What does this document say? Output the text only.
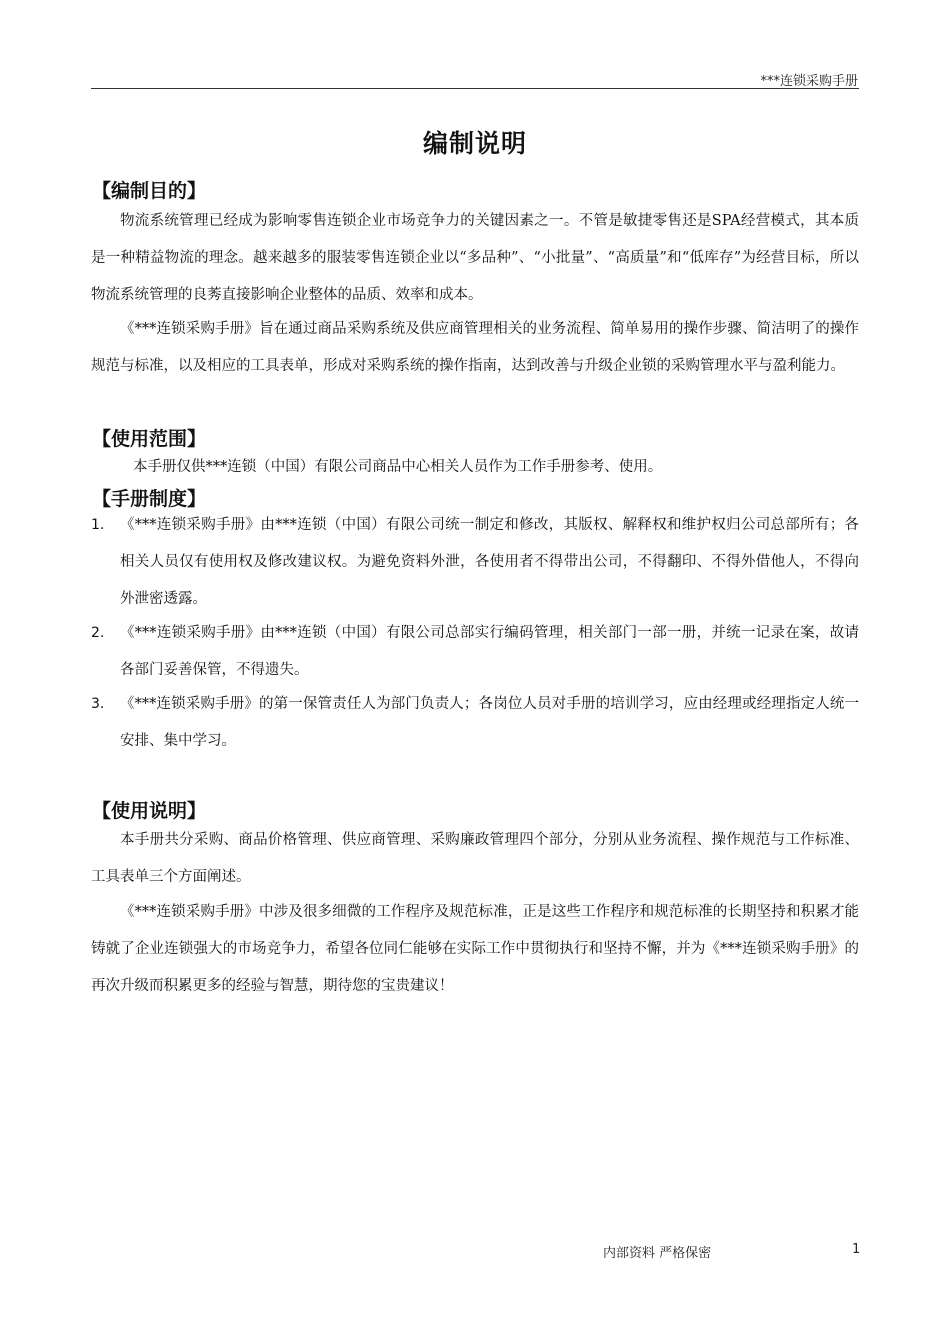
***连锁采购手册
编制说明
【编制目的】

物流系统管理已经成为影响零售连锁企业市场竞争力的关键因素之一。不管是敏捷零售还是SPA经营模式，其本质是一种精益物流的理念。越来越多的服装零售连锁企业以“多品种”、“小批量”、“高质量”和“低库存”为经营目标，所以物流系统管理的良莠直接影响企业整体的品质、效率和成本。

《***连锁采购手册》旨在通过商品采购系统及供应商管理相关的业务流程、简单易用的操作步骤、简洁明了的操作规范与标准，以及相应的工具表单，形成对采购系统的操作指南，达到改善与升级企业锁的采购管理水平与盈利能力。

【使用范围】

本手册仅供***连锁（中国）有限公司商品中心相关人员作为工作手册参考、使用。

【手册制度】
1. 《***连锁采购手册》由***连锁（中国）有限公司统一制定和修改，其版权、解释权和维护权归公司总部所有；各相关人员仅有使用权及修改建议权。为避免资料外泄，各使用者不得带出公司，不得翻印、不得外借他人，不得向外泄密透露。
2. 《***连锁采购手册》由***连锁（中国）有限公司总部实行编码管理，相关部门一部一册，并统一记录在案，故请各部门妥善保管，不得遗失。
3. 《***连锁采购手册》的第一保管责任人为部门负责人；各岗位人员对手册的培训学习，应由经理或经理指定人统一安排、集中学习。
【使用说明】

本手册共分采购、商品价格管理、供应商管理、采购廉政管理四个部分，分别从业务流程、操作规范与工作标准、工具表单三个方面阐述。

《***连锁采购手册》中涉及很多细微的工作程序及规范标准，正是这些工作程序和规范标准的长期坚持和积累才能铸就了企业连锁强大的市场竞争力，希望各位同仁能够在实际工作中贯彻执行和坚持不懈，并为《***连锁采购手册》的再次升级而积累更多的经验与智慧，期待您的宝贵建议！

内部资料 严格保密	1
